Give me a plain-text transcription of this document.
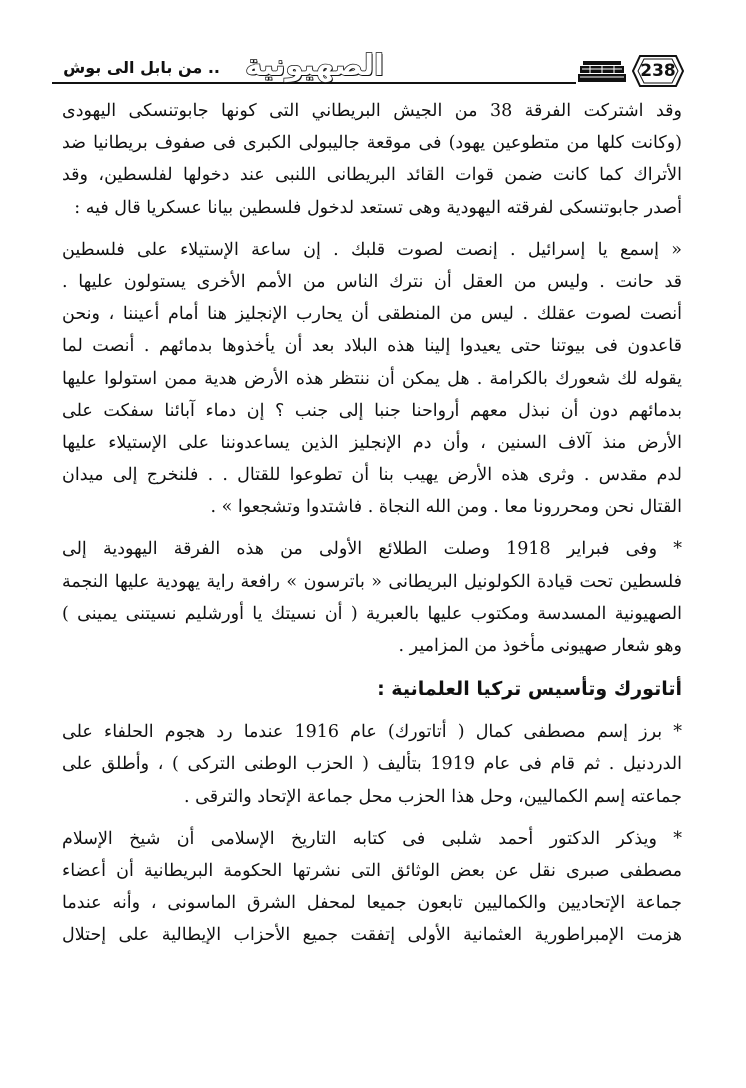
238
الصهيونية
.. من بابل الى بوش
وقد اشتركت الفرقة 38 من الجيش البريطاني التى كونها جابوتنسكى اليهودى
(وكانت كلها من متطوعين يهود) فى موقعة جاليبولى الكبرى فى صفوف بريطانيا ضد
الأتراك كما كانت ضمن قوات القائد البريطانى اللنبى عند دخولها لفلسطين، وقد
أصدر جابوتنسكى لفرقته اليهودية وهى تستعد لدخول فلسطين بيانا عسكريا قال فيه :
« إسمع يا إسرائيل . إنصت لصوت قلبك . إن ساعة الإستيلاء على فلسطين
قد حانت . وليس من العقل أن نترك الناس من الأمم الأخرى يستولون عليها .
أنصت لصوت عقلك . ليس من المنطقى أن يحارب الإنجليز هنا أمام أعيننا ، ونحن
قاعدون فى بيوتنا حتى يعيدوا إلينا هذه البلاد بعد أن يأخذوها بدمائهم . أنصت لما
يقوله لك شعورك بالكرامة . هل يمكن أن ننتظر هذه الأرض هدية ممن استولوا عليها
بدمائهم دون أن نبذل معهم أرواحنا جنبا إلى جنب ؟ إن دماء آبائنا سفكت على
الأرض منذ آلاف السنين ، وأن دم الإنجليز الذين يساعدوننا على الإستيلاء عليها
لدم مقدس . وثرى هذه الأرض يهيب بنا أن تطوعوا للقتال . . فلنخرج إلى ميدان
القتال نحن ومحررونا معا . ومن الله النجاة . فاشتدوا وتشجعوا » .
* وفى فبراير 1918 وصلت الطلائع الأولى من هذه الفرقة اليهودية إلى
فلسطين تحت قيادة الكولونيل البريطانى « باترسون » رافعة راية يهودية عليها النجمة
الصهيونية المسدسة ومكتوب عليها بالعبرية ( أن نسيتك يا أورشليم نسيتنى يمينى )
وهو شعار صهيونى مأخوذ من المزامير .
أتاتورك وتأسيس تركيا العلمانية :
* برز إسم مصطفى كمال ( أتاتورك) عام 1916 عندما رد هجوم الحلفاء على
الدردنيل . ثم قام فى عام 1919 بتأليف ( الحزب الوطنى التركى ) ، وأطلق على
جماعته إسم الكماليين، وحل هذا الحزب محل جماعة الإتحاد والترقى .
* ويذكر الدكتور أحمد شلبى فى كتابه التاريخ الإسلامى أن شيخ الإسلام
مصطفى صبرى نقل عن بعض الوثائق التى نشرتها الحكومة البريطانية أن أعضاء
جماعة الإتحاديين والكماليين تابعون جميعا لمحفل الشرق الماسونى ، وأنه عندما
هزمت الإمبراطورية العثمانية الأولى إتفقت جميع الأحزاب الإيطالية على إحتلال
